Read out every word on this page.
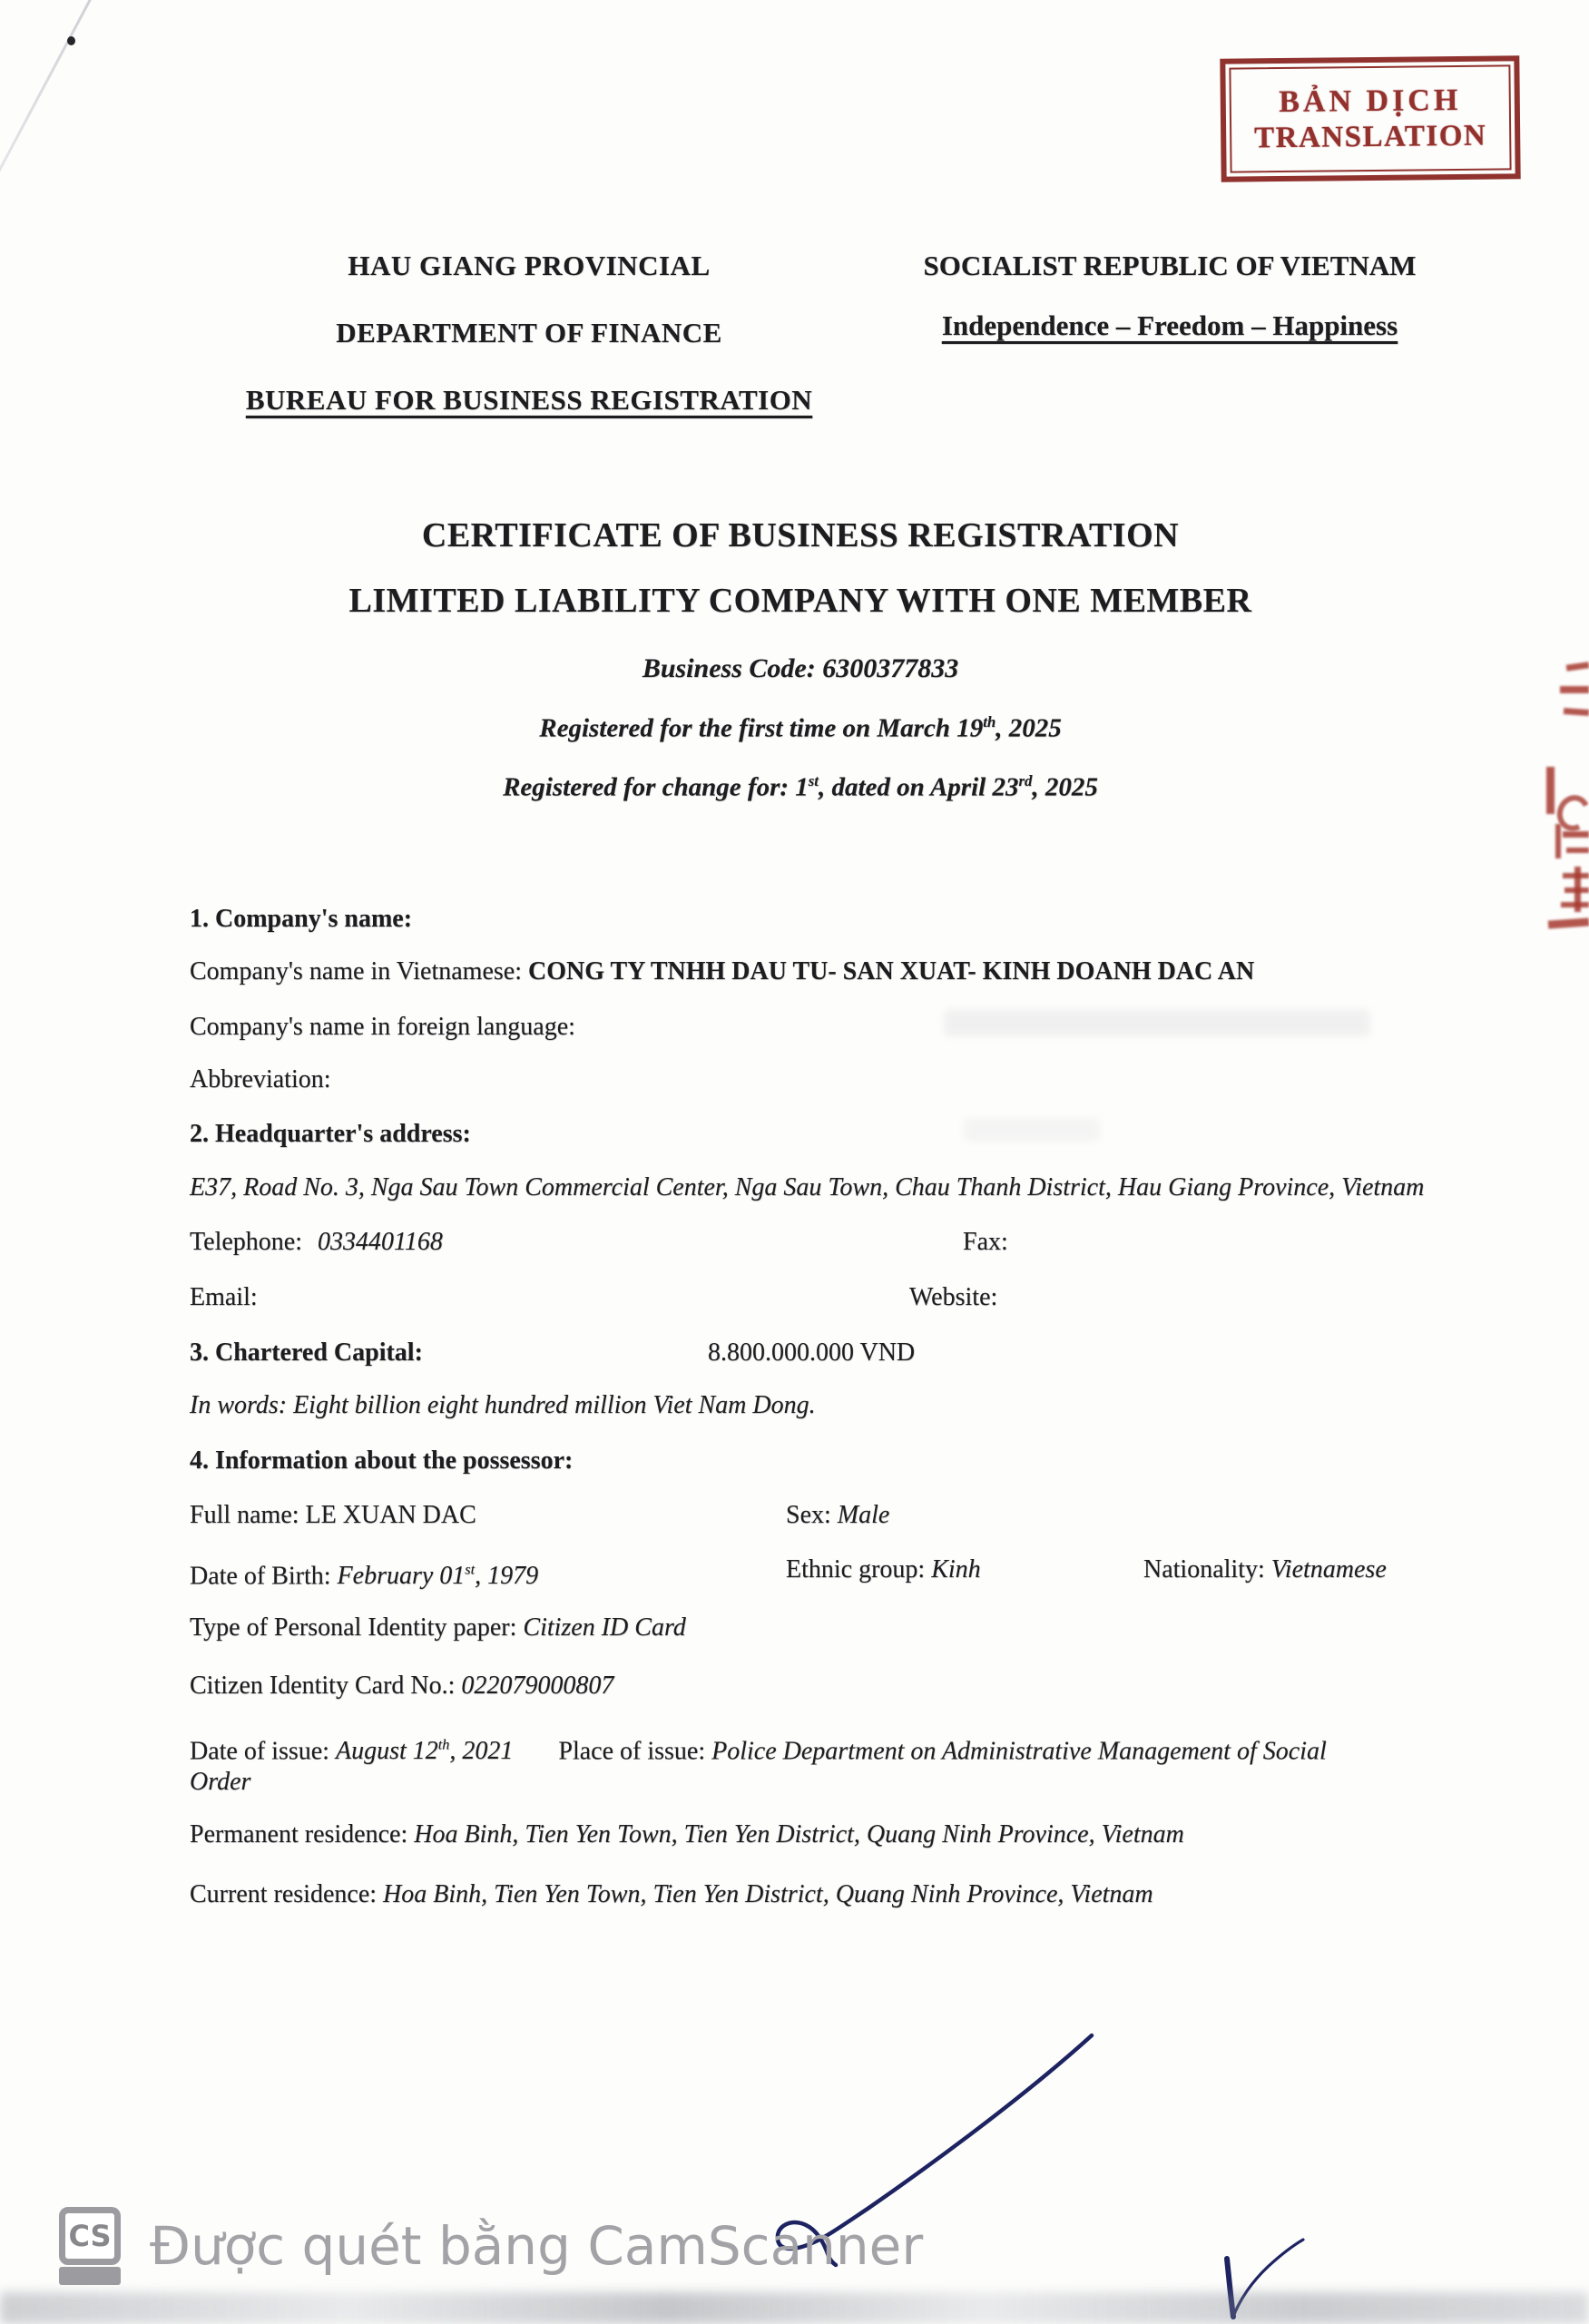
BẢN DỊCH
TRANSLATION
HAU GIANG PROVINCIAL
DEPARTMENT OF FINANCE
BUREAU FOR BUSINESS REGISTRATION
SOCIALIST REPUBLIC OF VIETNAM
Independence – Freedom – Happiness
CERTIFICATE OF BUSINESS REGISTRATION
LIMITED LIABILITY COMPANY WITH ONE MEMBER
Business Code: 6300377833
Registered for the first time on March 19th, 2025
Registered for change for: 1st, dated on April 23rd, 2025
1. Company's name:
Company's name in Vietnamese: CONG TY TNHH DAU TU- SAN XUAT- KINH DOANH DAC AN
Company's name in foreign language:
Abbreviation:
2. Headquarter's address:
E37, Road No. 3, Nga Sau Town Commercial Center, Nga Sau Town, Chau Thanh District, Hau Giang Province, Vietnam
Telephone: 0334401168	Fax:
Email:	Website:
3. Chartered Capital:	8.800.000.000 VND
In words: Eight billion eight hundred million Viet Nam Dong.
4. Information about the possessor:
Full name: LE XUAN DAC	Sex: Male
Date of Birth: February 01st, 1979	Ethnic group: Kinh	Nationality: Vietnamese
Type of Personal Identity paper: Citizen ID Card
Citizen Identity Card No.: 022079000807
Date of issue: August 12th, 2021 Place of issue: Police Department on Administrative Management of Social
Order
Permanent residence: Hoa Binh, Tien Yen Town, Tien Yen District, Quang Ninh Province, Vietnam
Current residence: Hoa Binh, Tien Yen Town, Tien Yen District, Quang Ninh Province, Vietnam
CS Được quét bằng CamScanner
